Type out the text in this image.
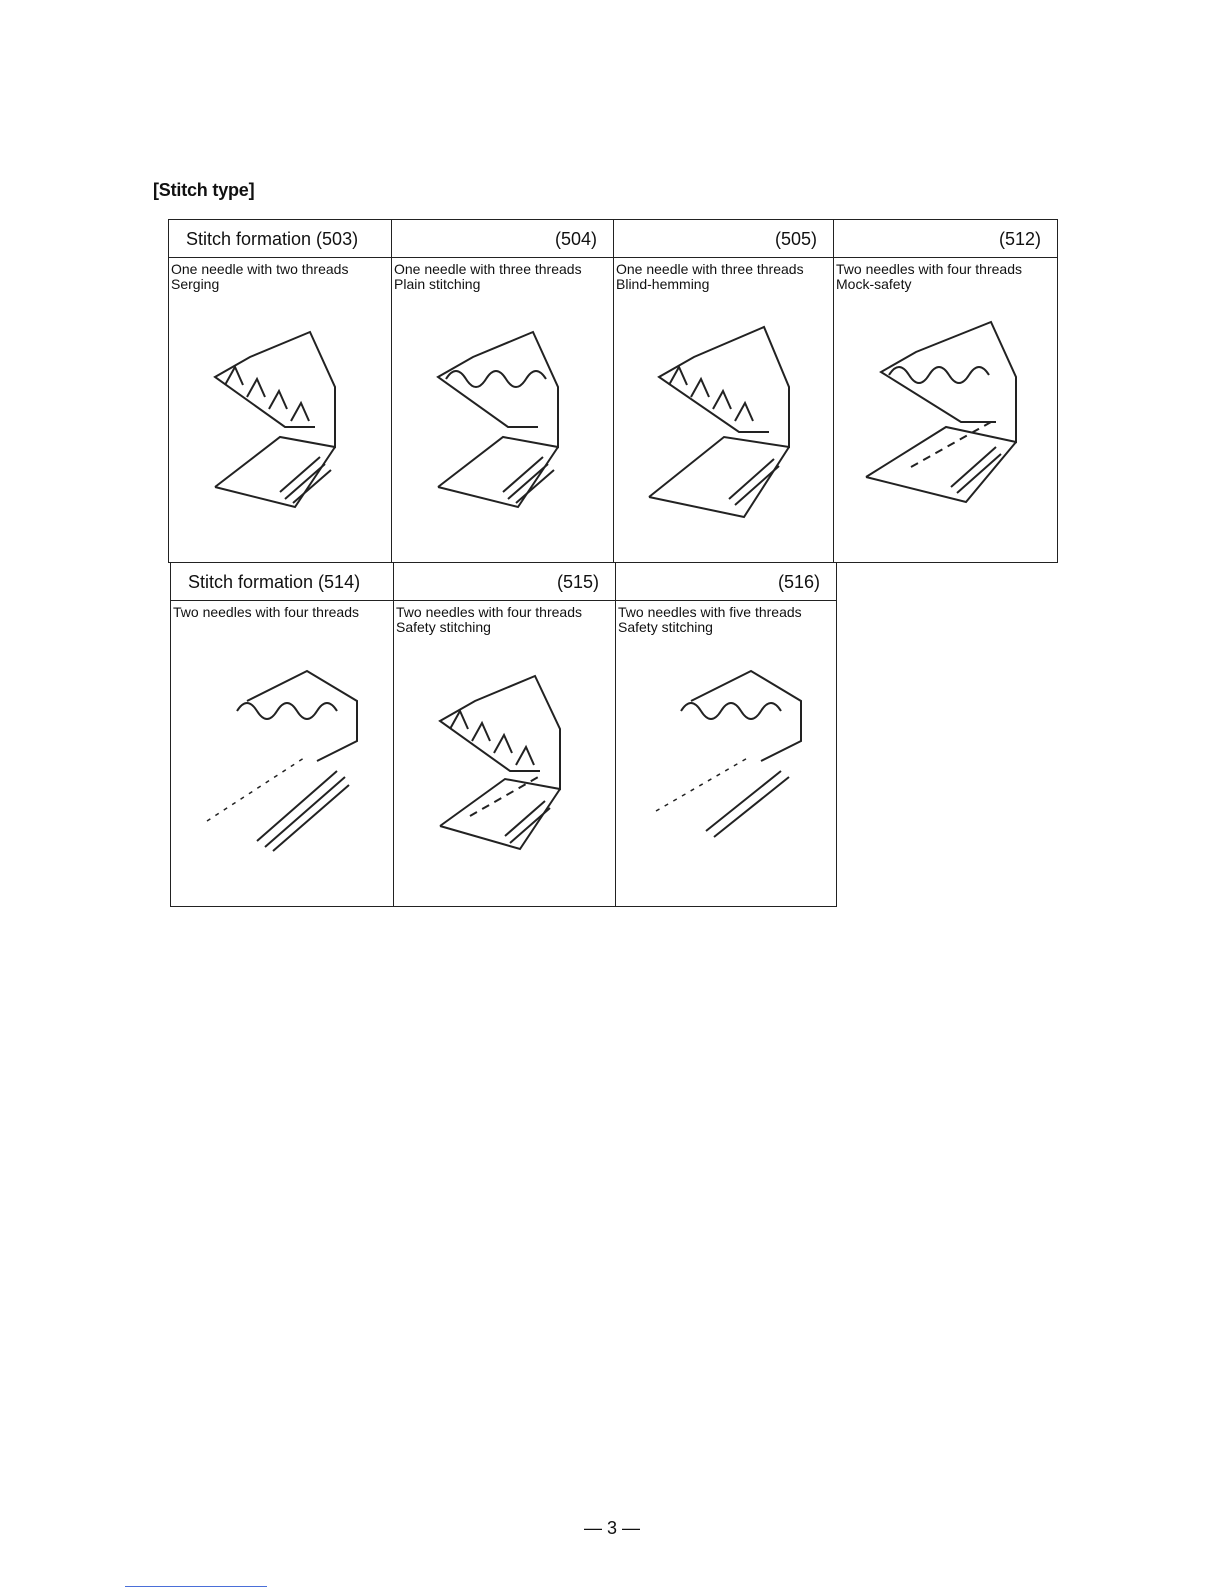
[Stitch type]
Stitch formation (503)
One needle with two threads
Serging
(504)
One needle with three threads
Plain stitching
(505)
One needle with three threads
Blind-hemming
(512)
Two needles with four threads
Mock-safety
Stitch formation (514)
Two needles with four threads
(515)
Two needles with four threads
Safety stitching
(516)
Two needles with five threads
Safety stitching
— 3 —
